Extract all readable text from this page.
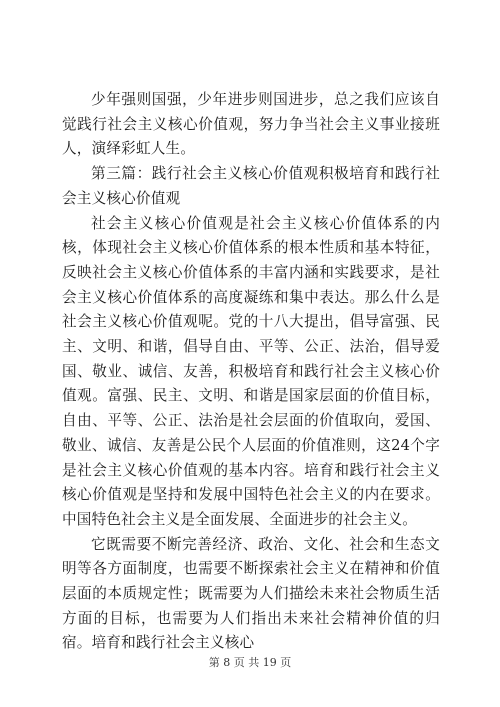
少年强则国强，少年进步则国进步，总之我们应该自觉践行社会主义核心价值观，努力争当社会主义事业接班人，演绎彩虹人生。

第三篇：践行社会主义核心价值观积极培育和践行社会主义核心价值观

社会主义核心价值观是社会主义核心价值体系的内核，体现社会主义核心价值体系的根本性质和基本特征，反映社会主义核心价值体系的丰富内涵和实践要求，是社会主义核心价值体系的高度凝练和集中表达。那么什么是社会主义核心价值观呢。党的十八大提出，倡导富强、民主、文明、和谐，倡导自由、平等、公正、法治，倡导爱国、敬业、诚信、友善，积极培育和践行社会主义核心价值观。富强、民主、文明、和谐是国家层面的价值目标，自由、平等、公正、法治是社会层面的价值取向，爱国、敬业、诚信、友善是公民个人层面的价值准则，这24个字是社会主义核心价值观的基本内容。培育和践行社会主义核心价值观是坚持和发展中国特色社会主义的内在要求。中国特色社会主义是全面发展、全面进步的社会主义。

它既需要不断完善经济、政治、文化、社会和生态文明等各方面制度，也需要不断探索社会主义在精神和价值层面的本质规定性；既需要为人们描绘未来社会物质生活方面的目标，也需要为人们指出未来社会精神价值的归宿。培育和践行社会主义核心

第 8 页 共 19 页
